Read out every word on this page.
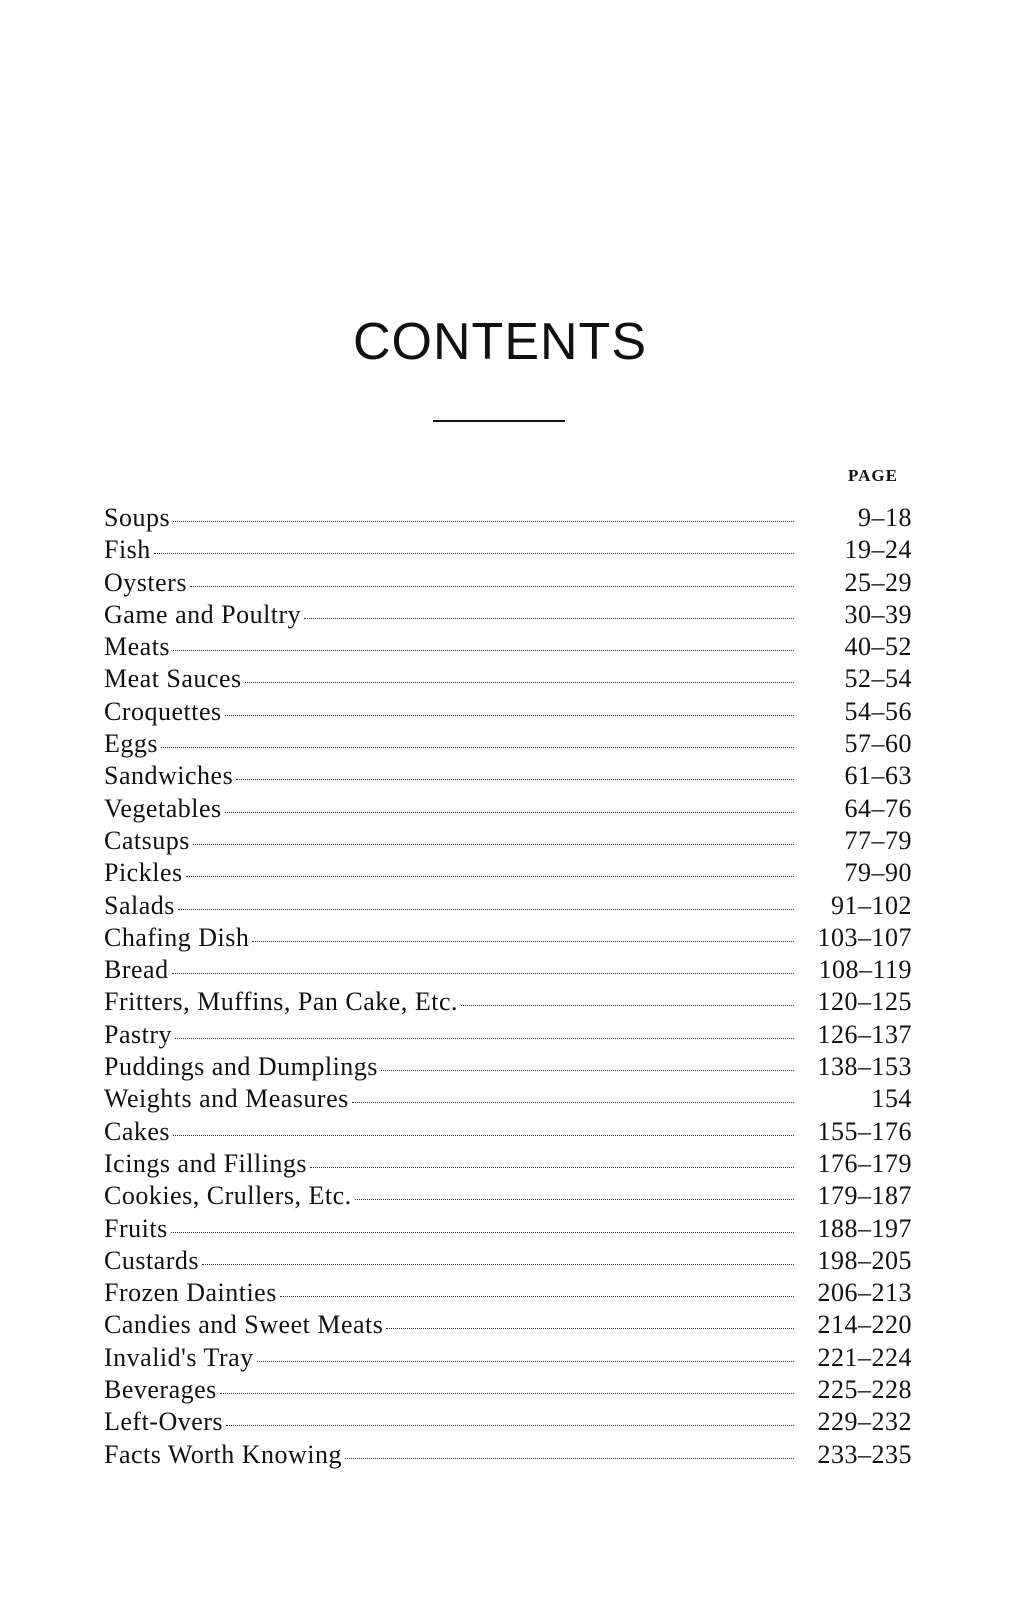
CONTENTS
PAGE
Soups	9–18
Fish	19–24
Oysters	25–29
Game and Poultry	30–39
Meats	40–52
Meat Sauces	52–54
Croquettes	54–56
Eggs	57–60
Sandwiches	61–63
Vegetables	64–76
Catsups	77–79
Pickles	79–90
Salads	91–102
Chafing Dish	103–107
Bread	108–119
Fritters, Muffins, Pan Cake, Etc.	120–125
Pastry	126–137
Puddings and Dumplings	138–153
Weights and Measures	154
Cakes	155–176
Icings and Fillings	176–179
Cookies, Crullers, Etc.	179–187
Fruits	188–197
Custards	198–205
Frozen Dainties	206–213
Candies and Sweet Meats	214–220
Invalid's Tray	221–224
Beverages	225–228
Left-Overs	229–232
Facts Worth Knowing	233–235
